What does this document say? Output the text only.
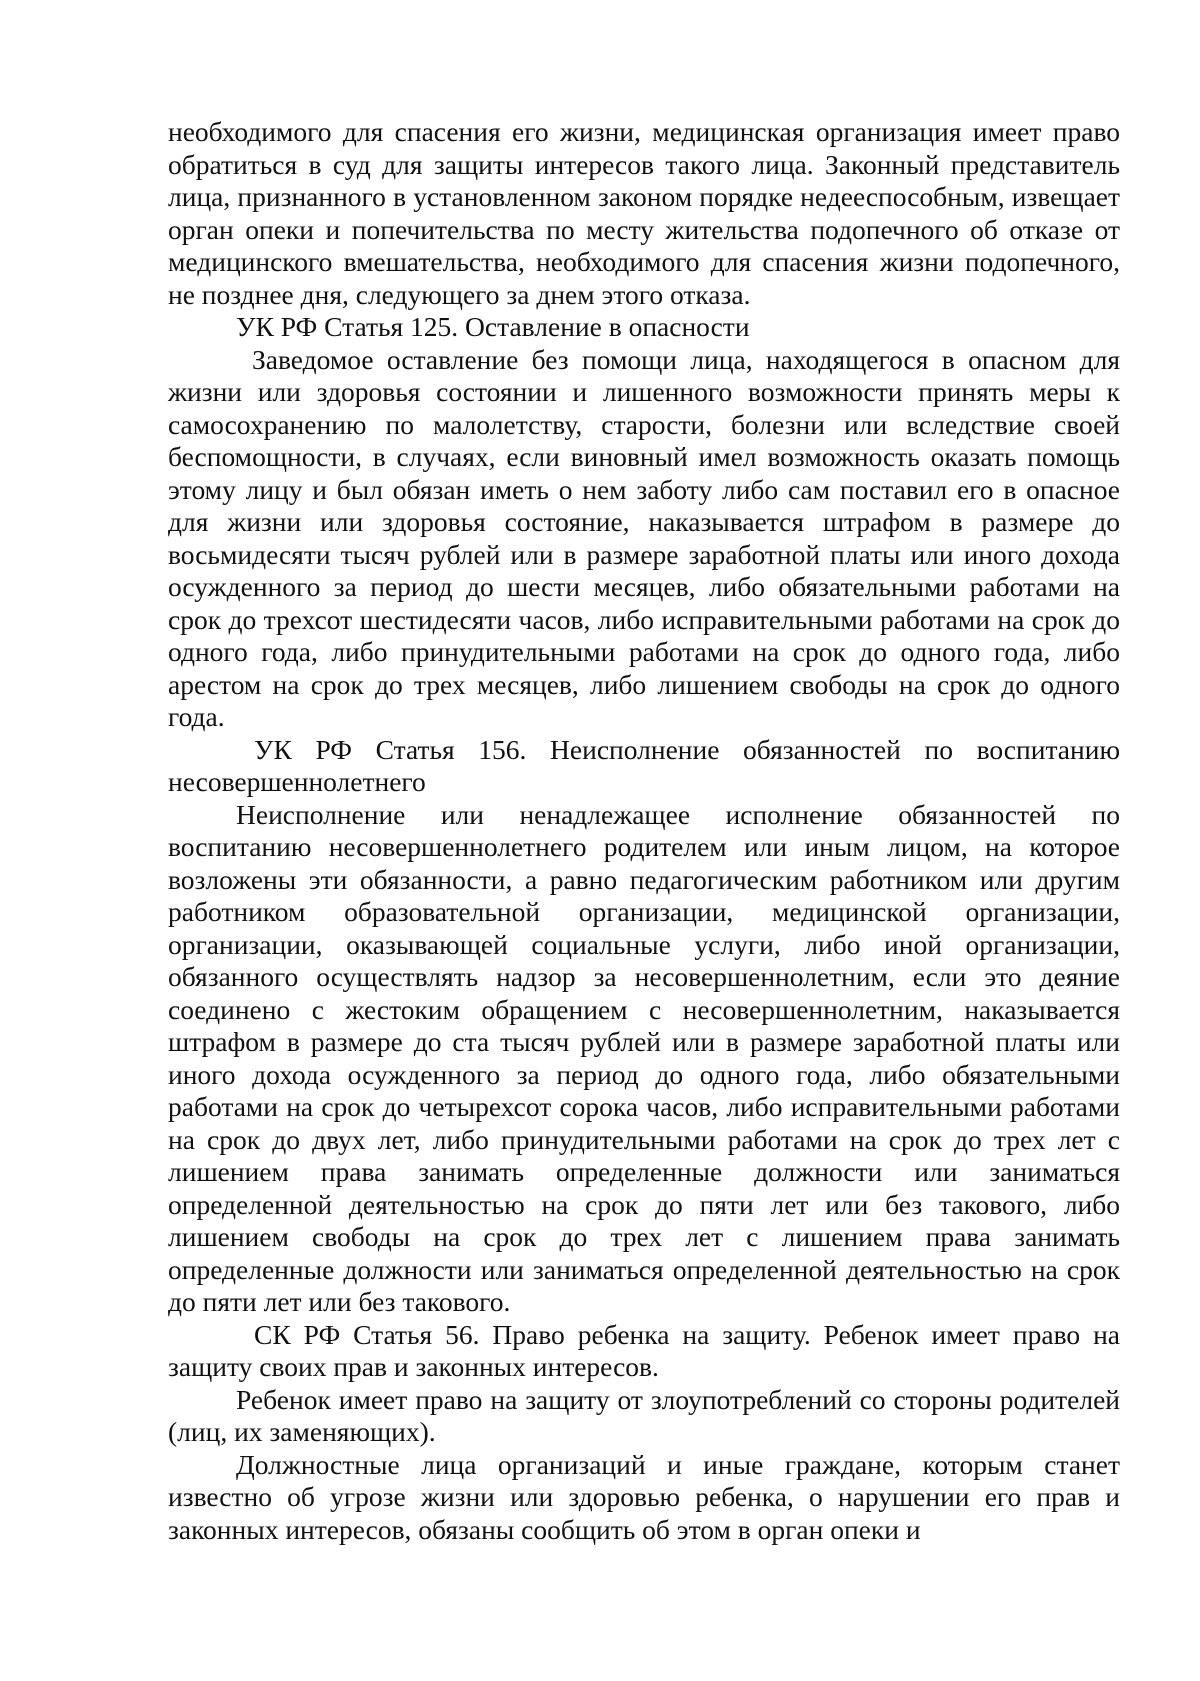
необходимого для спасения его жизни, медицинская организация имеет право обратиться в суд для защиты интересов такого лица. Законный представитель лица, признанного в установленном законом порядке недееспособным, извещает орган опеки и попечительства по месту жительства подопечного об отказе от медицинского вмешательства, необходимого для спасения жизни подопечного, не позднее дня, следующего за днем этого отказа.

УК РФ Статья 125. Оставление в опасности

Заведомое оставление без помощи лица, находящегося в опасном для жизни или здоровья состоянии и лишенного возможности принять меры к самосохранению по малолетству, старости, болезни или вследствие своей беспомощности, в случаях, если виновный имел возможность оказать помощь этому лицу и был обязан иметь о нем заботу либо сам поставил его в опасное для жизни или здоровья состояние, наказывается штрафом в размере до восьмидесяти тысяч рублей или в размере заработной платы или иного дохода осужденного за период до шести месяцев, либо обязательными работами на срок до трехсот шестидесяти часов, либо исправительными работами на срок до одного года, либо принудительными работами на срок до одного года, либо арестом на срок до трех месяцев, либо лишением свободы на срок до одного года.

УК РФ Статья 156. Неисполнение обязанностей по воспитанию несовершеннолетнего

Неисполнение или ненадлежащее исполнение обязанностей по воспитанию несовершеннолетнего родителем или иным лицом, на которое возложены эти обязанности, а равно педагогическим работником или другим работником образовательной организации, медицинской организации, организации, оказывающей социальные услуги, либо иной организации, обязанного осуществлять надзор за несовершеннолетним, если это деяние соединено с жестоким обращением с несовершеннолетним, наказывается штрафом в размере до ста тысяч рублей или в размере заработной платы или иного дохода осужденного за период до одного года, либо обязательными работами на срок до четырехсот сорока часов, либо исправительными работами на срок до двух лет, либо принудительными работами на срок до трех лет с лишением права занимать определенные должности или заниматься определенной деятельностью на срок до пяти лет или без такового, либо лишением свободы на срок до трех лет с лишением права занимать определенные должности или заниматься определенной деятельностью на срок до пяти лет или без такового.

СК РФ Статья 56. Право ребенка на защиту. Ребенок имеет право на защиту своих прав и законных интересов.

Ребенок имеет право на защиту от злоупотреблений со стороны родителей (лиц, их заменяющих).

Должностные лица организаций и иные граждане, которым станет известно об угрозе жизни или здоровью ребенка, о нарушении его прав и законных интересов, обязаны сообщить об этом в орган опеки и
